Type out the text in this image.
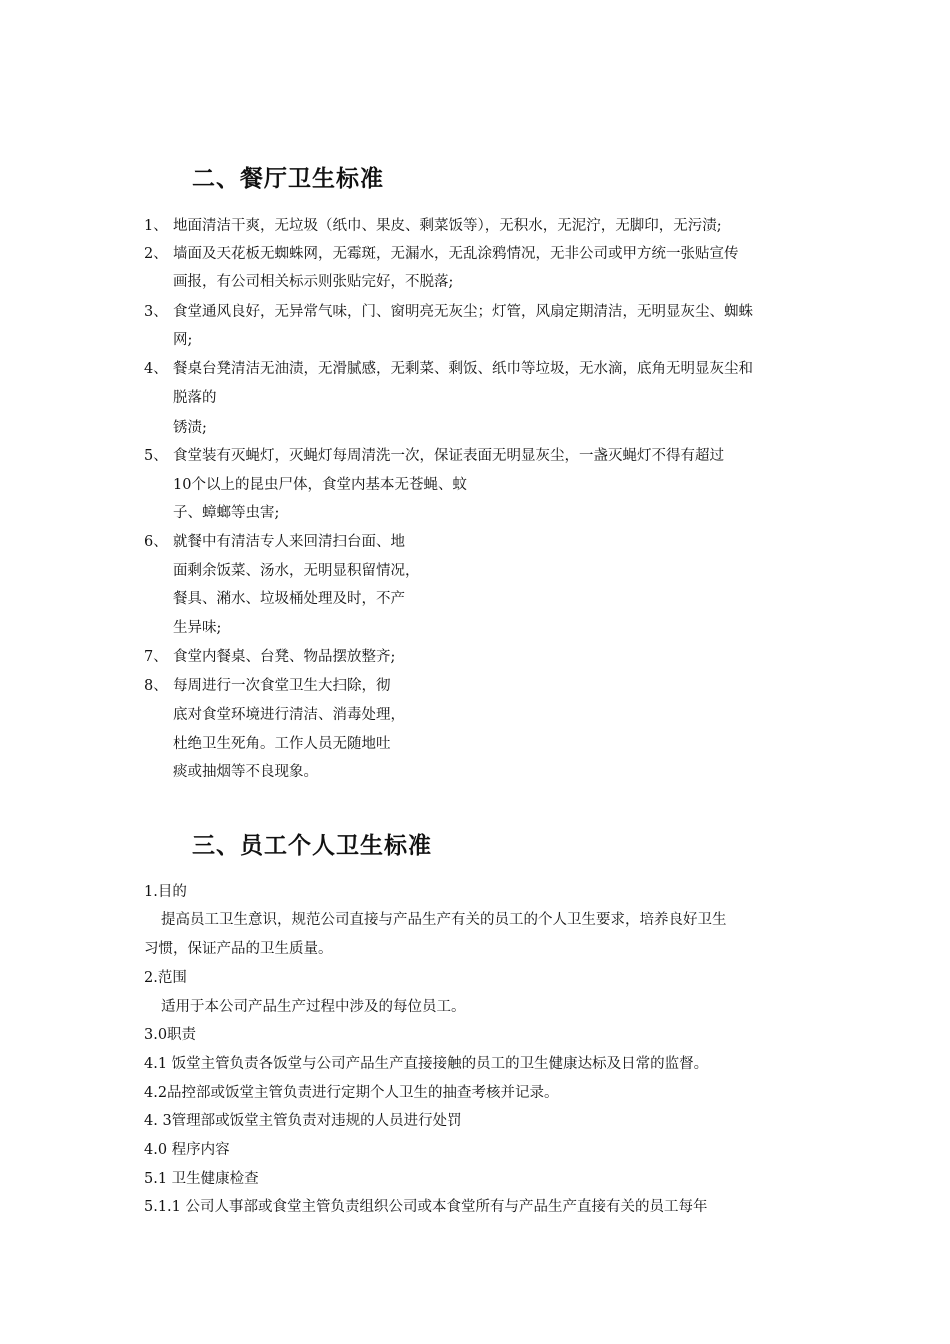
二、餐厅卫生标准
1、 地面清洁干爽，无垃圾（纸巾、果皮、剩菜饭等），无积水，无泥泞，无脚印，无污渍;
2、 墙面及天花板无蜘蛛网，无霉斑，无漏水，无乱涂鸦情况，无非公司或甲方统一张贴宣传
画报，有公司相关标示则张贴完好，不脱落;
3、 食堂通风良好，无异常气味，门、窗明亮无灰尘；灯管，风扇定期清洁，无明显灰尘、蜘蛛
网;
4、 餐桌台凳清洁无油渍，无滑腻感，无剩菜、剩饭、纸巾等垃圾，无水滴，底角无明显灰尘和
脱落的
锈渍;
5、 食堂装有灭蝇灯，灭蝇灯每周清洗一次，保证表面无明显灰尘，一盏灭蝇灯不得有超过
10个以上的昆虫尸体，食堂内基本无苍蝇、蚊
子、蟑螂等虫害;
6、 就餐中有清洁专人来回清扫台面、地
面剩余饭菜、汤水，无明显积留情况，
餐具、潲水、垃圾桶处理及时，不产
生异味;
7、 食堂内餐桌、台凳、物品摆放整齐;
8、 每周进行一次食堂卫生大扫除，彻
底对食堂环境进行清洁、消毒处理，
杜绝卫生死角。工作人员无随地吐
痰或抽烟等不良现象。
三、员工个人卫生标准
1.目的
提高员工卫生意识，规范公司直接与产品生产有关的员工的个人卫生要求，培养良好卫生
习惯，保证产品的卫生质量。
2.范围
适用于本公司产品生产过程中涉及的每位员工。
3.0职责
4.1 饭堂主管负责各饭堂与公司产品生产直接接触的员工的卫生健康达标及日常的监督。
4.2品控部或饭堂主管负责进行定期个人卫生的抽查考核并记录。
4. 3管理部或饭堂主管负责对违规的人员进行处罚
4.0 程序内容
5.1 卫生健康检查
5.1.1 公司人事部或食堂主管负责组织公司或本食堂所有与产品生产直接有关的员工每年
